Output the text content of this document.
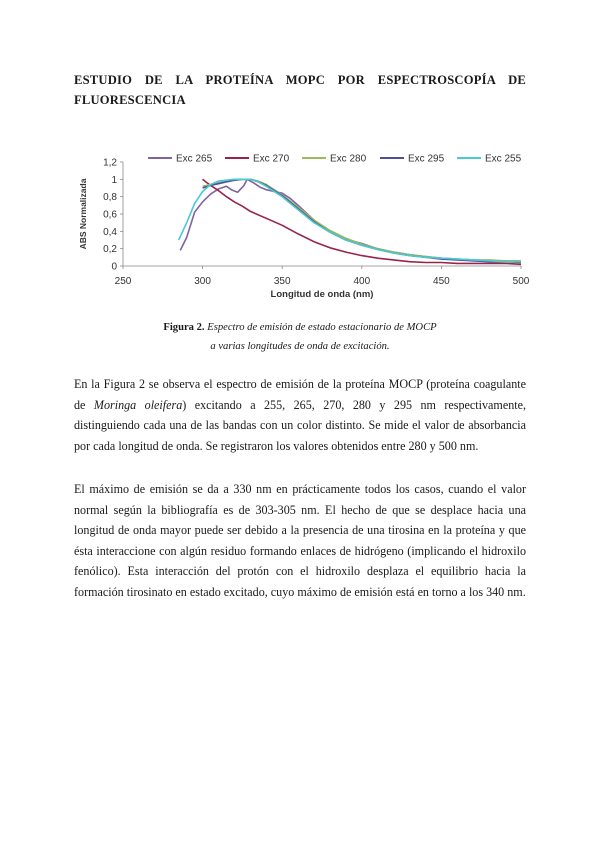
ESTUDIO DE LA PROTEÍNA MOPC POR ESPECTROSCOPÍA DE
FLUORESCENCIA
0
0,2
0,4
0,6
0,8
1
1,2
250	300	350	400	450	500
Longitud de onda (nm)
ABS Normalizada
Exc 265	Exc 270	Exc 280	Exc 295	Exc 255
Figura 2. Espectro de emisión de estado estacionario de MOCP
a varias longitudes de onda de excitación.
En la Figura 2 se observa el espectro de emisión de la proteína MOCP (proteína coagulante de Moringa oleifera) excitando a 255, 265, 270, 280 y 295 nm respectivamente, distinguiendo cada una de las bandas con un color distinto. Se mide el valor de absorbancia por cada longitud de onda. Se registraron los valores obtenidos entre 280 y 500 nm.
El máximo de emisión se da a 330 nm en prácticamente todos los casos, cuando el valor normal según la bibliografía es de 303-305 nm. El hecho de que se desplace hacia una longitud de onda mayor puede ser debido a la presencia de una tirosina en la proteína y que ésta interaccione con algún residuo formando enlaces de hidrógeno (implicando el hidroxilo fenólico). Esta interacción del protón con el hidroxilo desplaza el equilibrio hacia la formación tirosinato en estado excitado, cuyo máximo de emisión está en torno a los 340 nm.
